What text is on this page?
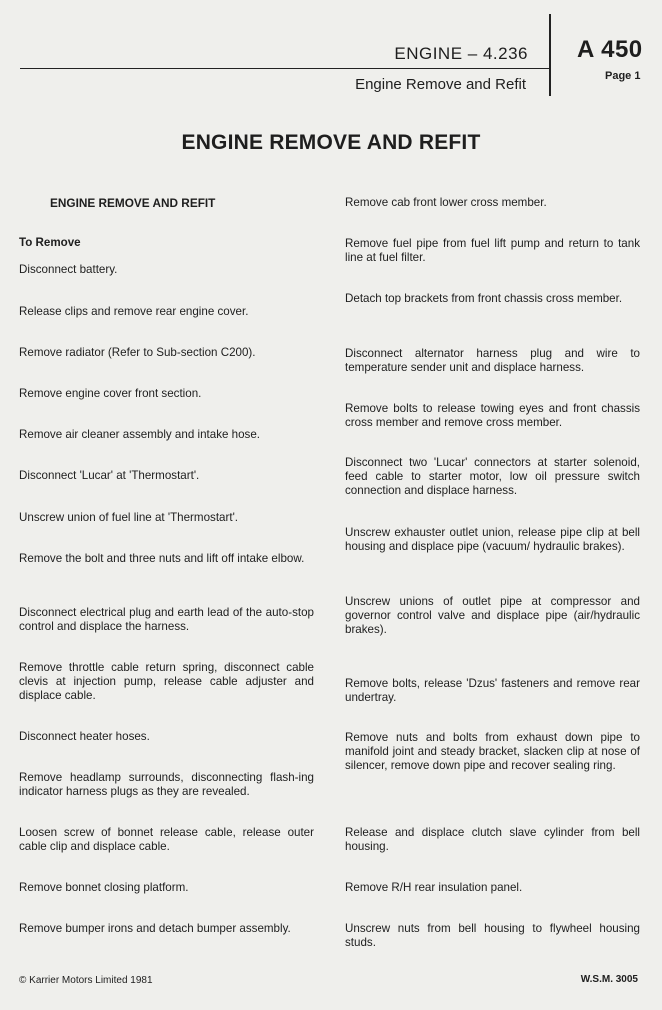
ENGINE – 4.236
Engine Remove and Refit
A 450
Page 1
ENGINE REMOVE AND REFIT
ENGINE REMOVE AND REFIT

To Remove

Disconnect battery.

Release clips and remove rear engine cover.

Remove radiator (Refer to Sub-section C200).

Remove engine cover front section.

Remove air cleaner assembly and intake hose.

Disconnect 'Lucar' at 'Thermostart'.

Unscrew union of fuel line at 'Thermostart'.

Remove the bolt and three nuts and lift off intake elbow.

Disconnect electrical plug and earth lead of the auto-stop control and displace the harness.

Remove throttle cable return spring, disconnect cable clevis at injection pump, release cable adjuster and displace cable.

Disconnect heater hoses.

Remove headlamp surrounds, disconnecting flash-ing indicator harness plugs as they are revealed.

Loosen screw of bonnet release cable, release outer cable clip and displace cable.

Remove bonnet closing platform.

Remove bumper irons and detach bumper assembly.

Remove cab front lower cross member.

Remove fuel pipe from fuel lift pump and return to tank line at fuel filter.

Detach top brackets from front chassis cross member.

Disconnect alternator harness plug and wire to temperature sender unit and displace harness.

Remove bolts to release towing eyes and front chassis cross member and remove cross member.

Disconnect two 'Lucar' connectors at starter solenoid, feed cable to starter motor, low oil pressure switch connection and displace harness.

Unscrew exhauster outlet union, release pipe clip at bell housing and displace pipe (vacuum/ hydraulic brakes).

Unscrew unions of outlet pipe at compressor and governor control valve and displace pipe (air/hydraulic brakes).

Remove bolts, release 'Dzus' fasteners and remove rear undertray.

Remove nuts and bolts from exhaust down pipe to manifold joint and steady bracket, slacken clip at nose of silencer, remove down pipe and recover sealing ring.

Release and displace clutch slave cylinder from bell housing.

Remove R/H rear insulation panel.

Unscrew nuts from bell housing to flywheel housing studs.

© Karrier Motors Limited 1981	W.S.M. 3005
